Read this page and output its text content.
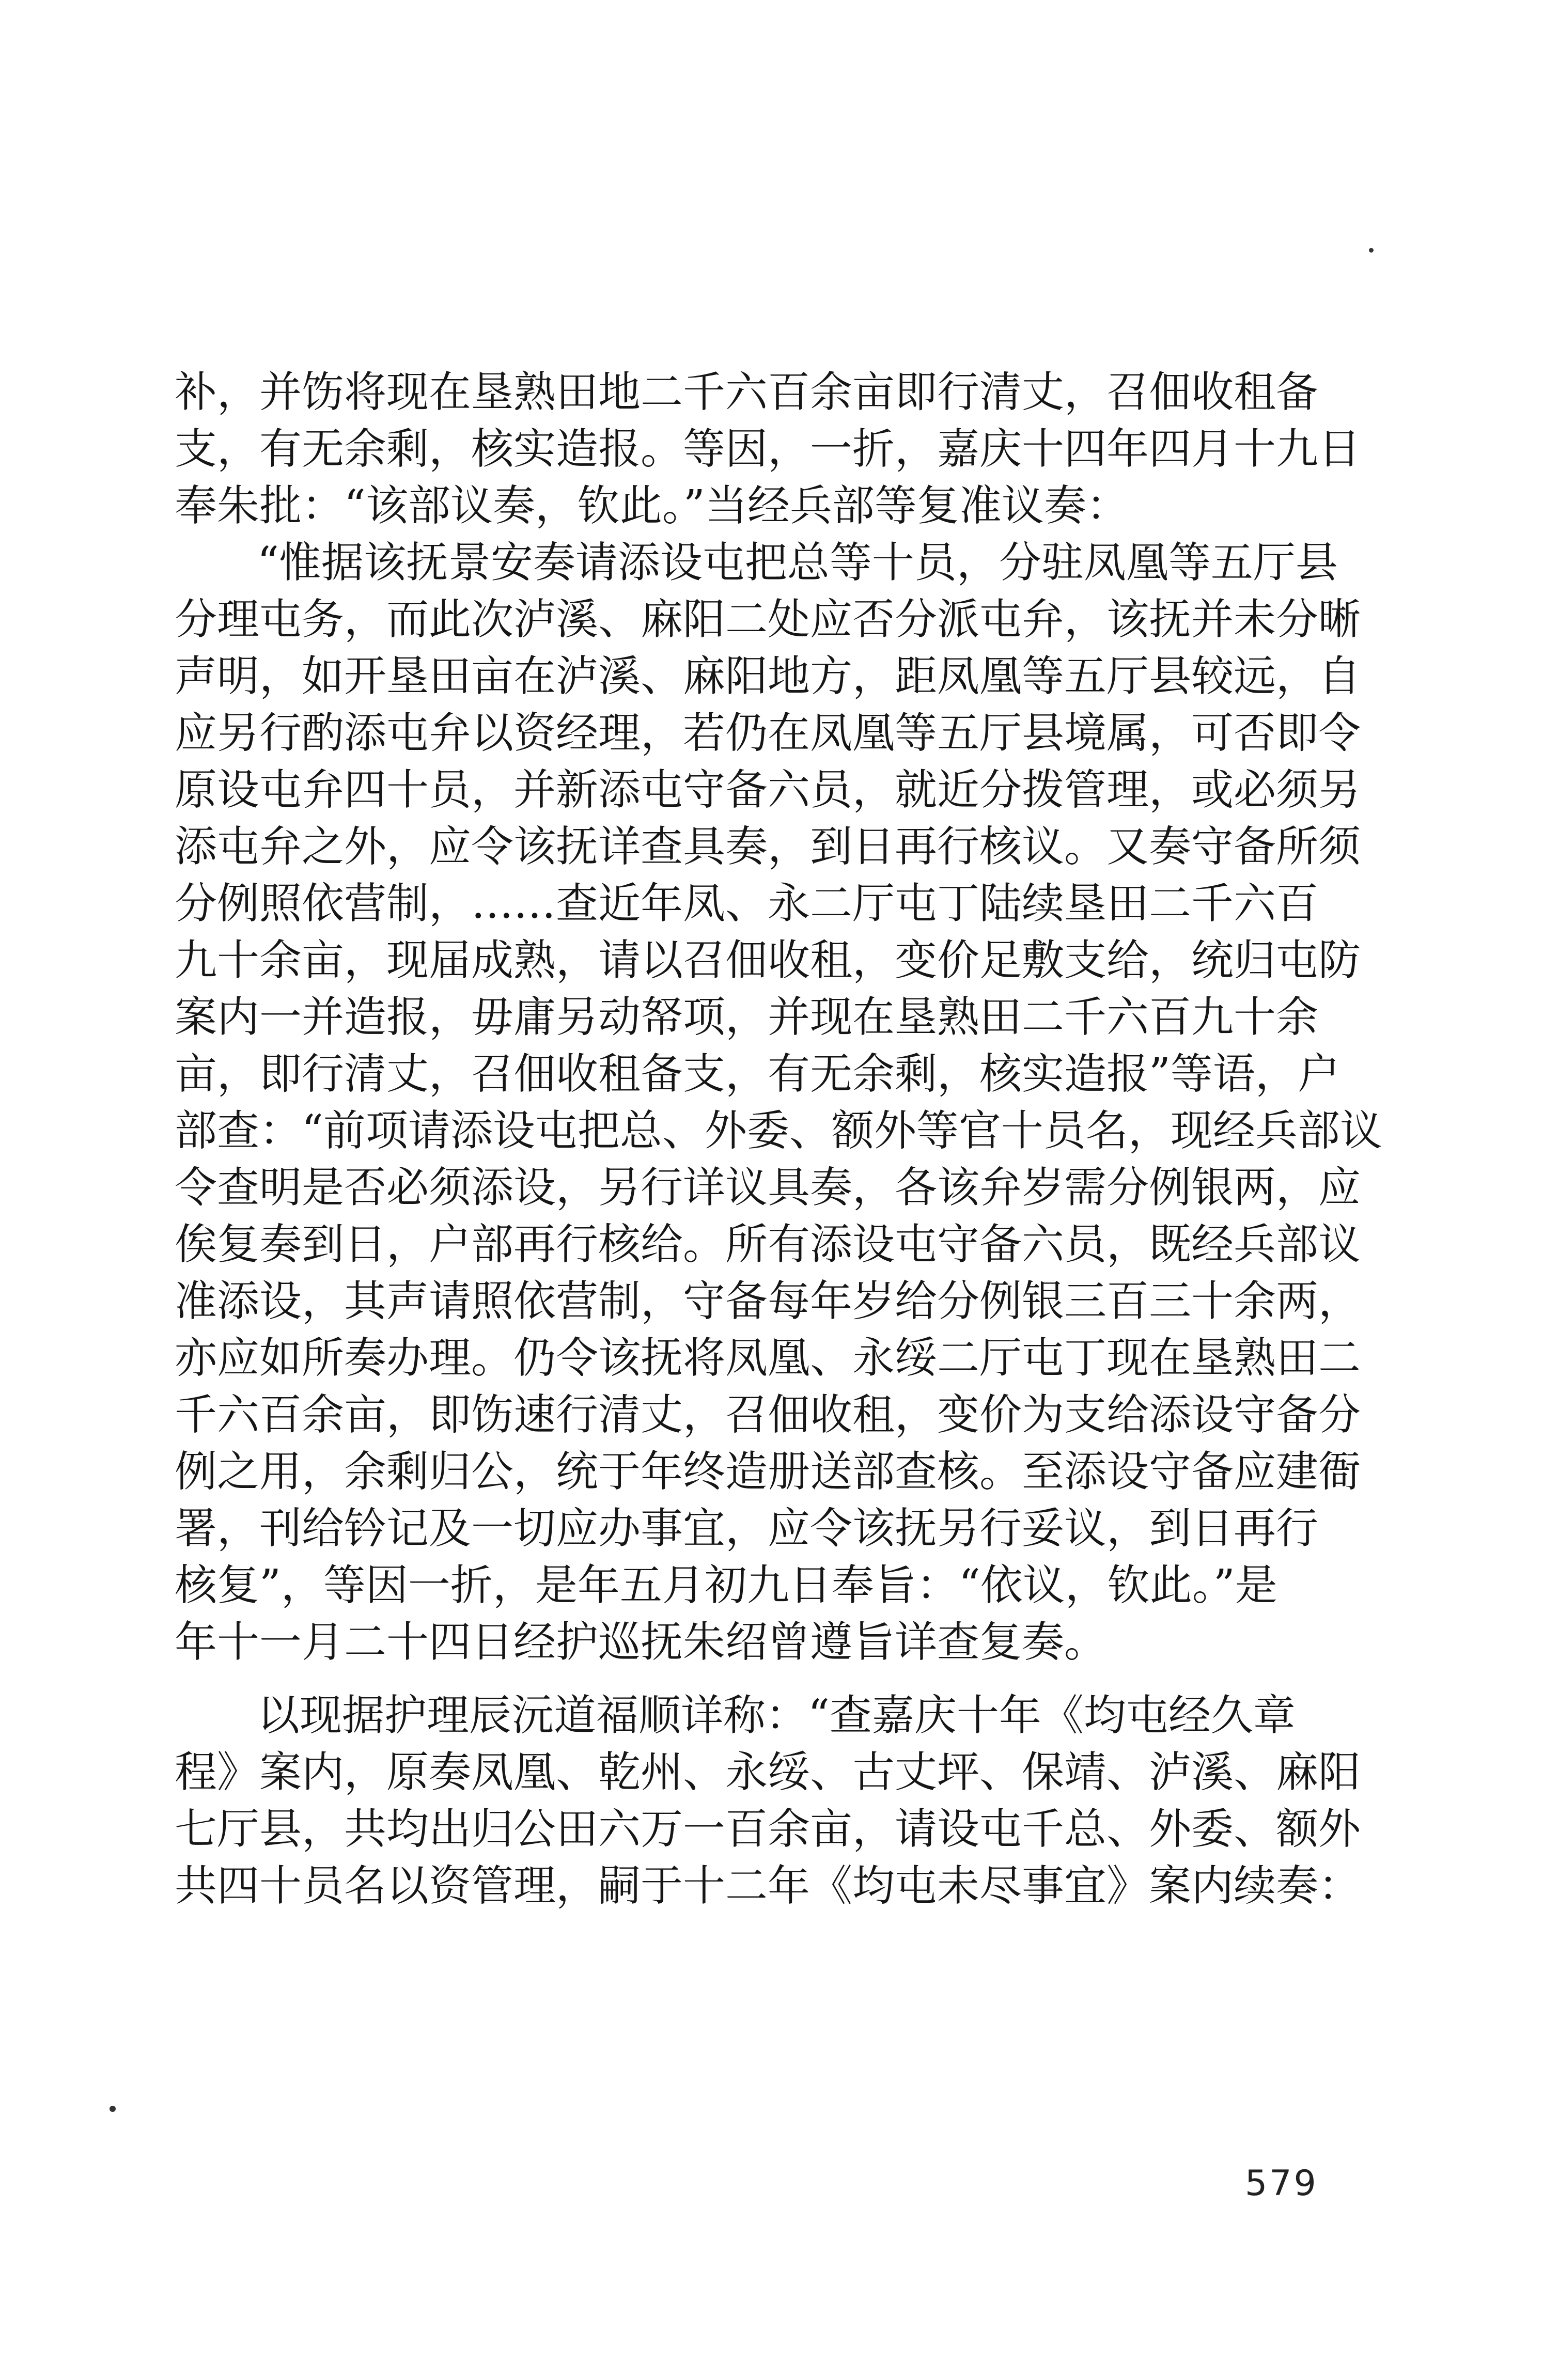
补，并饬将现在垦熟田地二千六百余亩即行清丈，召佃收租备
支，有无余剩，核实造报。等因，一折，嘉庆十四年四月十九日
奉朱批：“该部议奏，钦此。”当经兵部等复准议奏：
“惟据该抚景安奏请添设屯把总等十员，分驻凤凰等五厅县
分理屯务，而此次泸溪、麻阳二处应否分派屯弁，该抚并未分晰
声明，如开垦田亩在泸溪、麻阳地方，距凤凰等五厅县较远，自
应另行酌添屯弁以资经理，若仍在凤凰等五厅县境属，可否即令
原设屯弁四十员，并新添屯守备六员，就近分拨管理，或必须另
添屯弁之外，应令该抚详查具奏，到日再行核议。又奏守备所须
分例照依营制，……查近年凤、永二厅屯丁陆续垦田二千六百
九十余亩，现届成熟，请以召佃收租，变价足敷支给，统归屯防
案内一并造报，毋庸另动帑项，并现在垦熟田二千六百九十余
亩，即行清丈，召佃收租备支，有无余剩，核实造报”等语，户
部查：“前项请添设屯把总、外委、额外等官十员名，现经兵部议
令查明是否必须添设，另行详议具奏，各该弁岁需分例银两，应
俟复奏到日，户部再行核给。所有添设屯守备六员，既经兵部议
准添设，其声请照依营制，守备每年岁给分例银三百三十余两，
亦应如所奏办理。仍令该抚将凤凰、永绥二厅屯丁现在垦熟田二
千六百余亩，即饬速行清丈，召佃收租，变价为支给添设守备分
例之用，余剩归公，统于年终造册送部查核。至添设守备应建衙
署，刊给钤记及一切应办事宜，应令该抚另行妥议，到日再行
核复”，等因一折，是年五月初九日奉旨：“依议，钦此。”是
年十一月二十四日经护巡抚朱绍曾遵旨详查复奏。
以现据护理辰沅道福顺详称：“查嘉庆十年《均屯经久章
程》案内，原奏凤凰、乾州、永绥、古丈坪、保靖、泸溪、麻阳
七厅县，共均出归公田六万一百余亩，请设屯千总、外委、额外
共四十员名以资管理，嗣于十二年《均屯未尽事宜》案内续奏：
579
